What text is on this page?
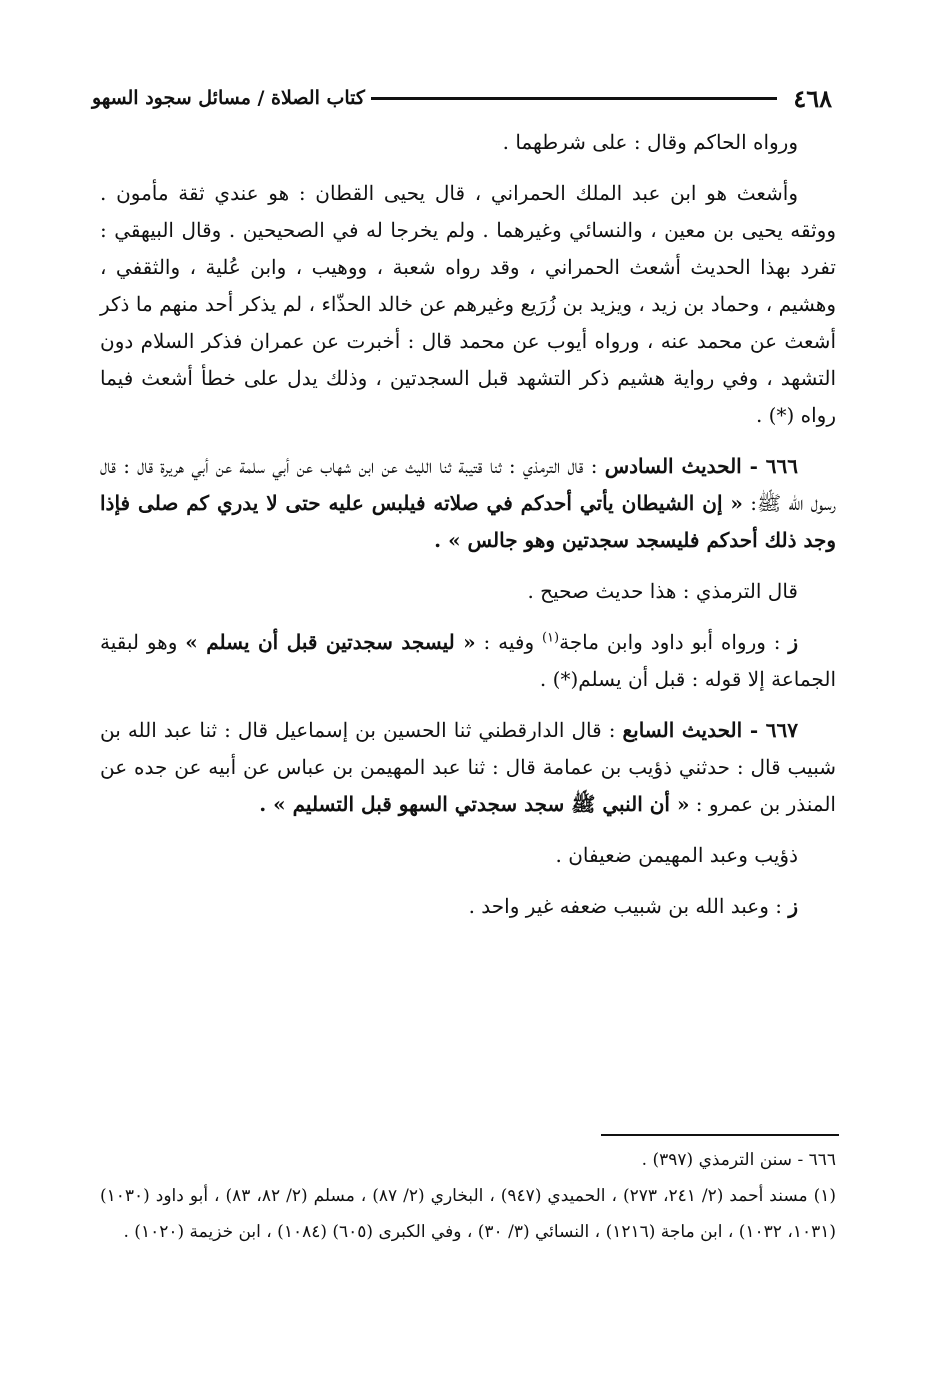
٤٦٨
كتاب الصلاة / مسائل سجود السهو

ورواه الحاكم وقال : على شرطهما .

وأشعث هو ابن عبد الملك الحمراني ، قال يحيى القطان : هو عندي ثقة مأمون . ووثقه يحيى بن معين ، والنسائي وغيرهما . ولم يخرجا له في الصحيحين . وقال البيهقي : تفرد بهذا الحديث أشعث الحمراني ، وقد رواه شعبة ، ووهيب ، وابن عُلية ، والثقفي ، وهشيم ، وحماد بن زيد ، ويزيد بن زُرَيع وغيرهم عن خالد الحذّاء ، لم يذكر أحد منهم ما ذكر أشعث عن محمد عنه ، ورواه أيوب عن محمد قال : أخبرت عن عمران فذكر السلام دون التشهد ، وفي رواية هشيم ذكر التشهد قبل السجدتين ، وذلك يدل على خطأ أشعث فيما رواه (*) .

٦٦٦ - الحديث السادس : قال الترمذي : ثنا قتيبة ثنا الليث عن ابن شهاب عن أبي سلمة عن أبي هريرة قال : قال رسول الله ﷺ: « إن الشيطان يأتي أحدكم في صلاته فيلبس عليه حتى لا يدري كم صلى فإذا وجد ذلك أحدكم فليسجد سجدتين وهو جالس » .

قال الترمذي : هذا حديث صحيح .

ز : ورواه أبو داود وابن ماجة$^{(١)}$ وفيه : « ليسجد سجدتين قبل أن يسلم » وهو لبقية الجماعة إلا قوله : قبل أن يسلم(*) .

٦٦٧ - الحديث السابع : قال الدارقطني ثنا الحسين بن إسماعيل قال : ثنا عبد الله بن شبيب قال : حدثني ذؤيب بن عمامة قال : ثنا عبد المهيمن بن عباس عن أبيه عن جده عن المنذر بن عمرو : « أن النبي ﷺ سجد سجدتي السهو قبل التسليم » .

ذؤيب وعبد المهيمن ضعيفان .

ز : وعبد الله بن شبيب ضعفه غير واحد .

٦٦٦ - سنن الترمذي (٣٩٧) .

(١) مسند أحمد (٢/ ٢٤١، ٢٧٣) ، الحميدي (٩٤٧) ، البخاري (٢/ ٨٧) ، مسلم (٢/ ٨٢، ٨٣) ، أبو داود (١٠٣٠) (١٠٣١، ١٠٣٢) ، ابن ماجة (١٢١٦) ، النسائي (٣/ ٣٠) ، وفي الكبرى (٦٠٥) (١٠٨٤) ، ابن خزيمة (١٠٢٠) .
